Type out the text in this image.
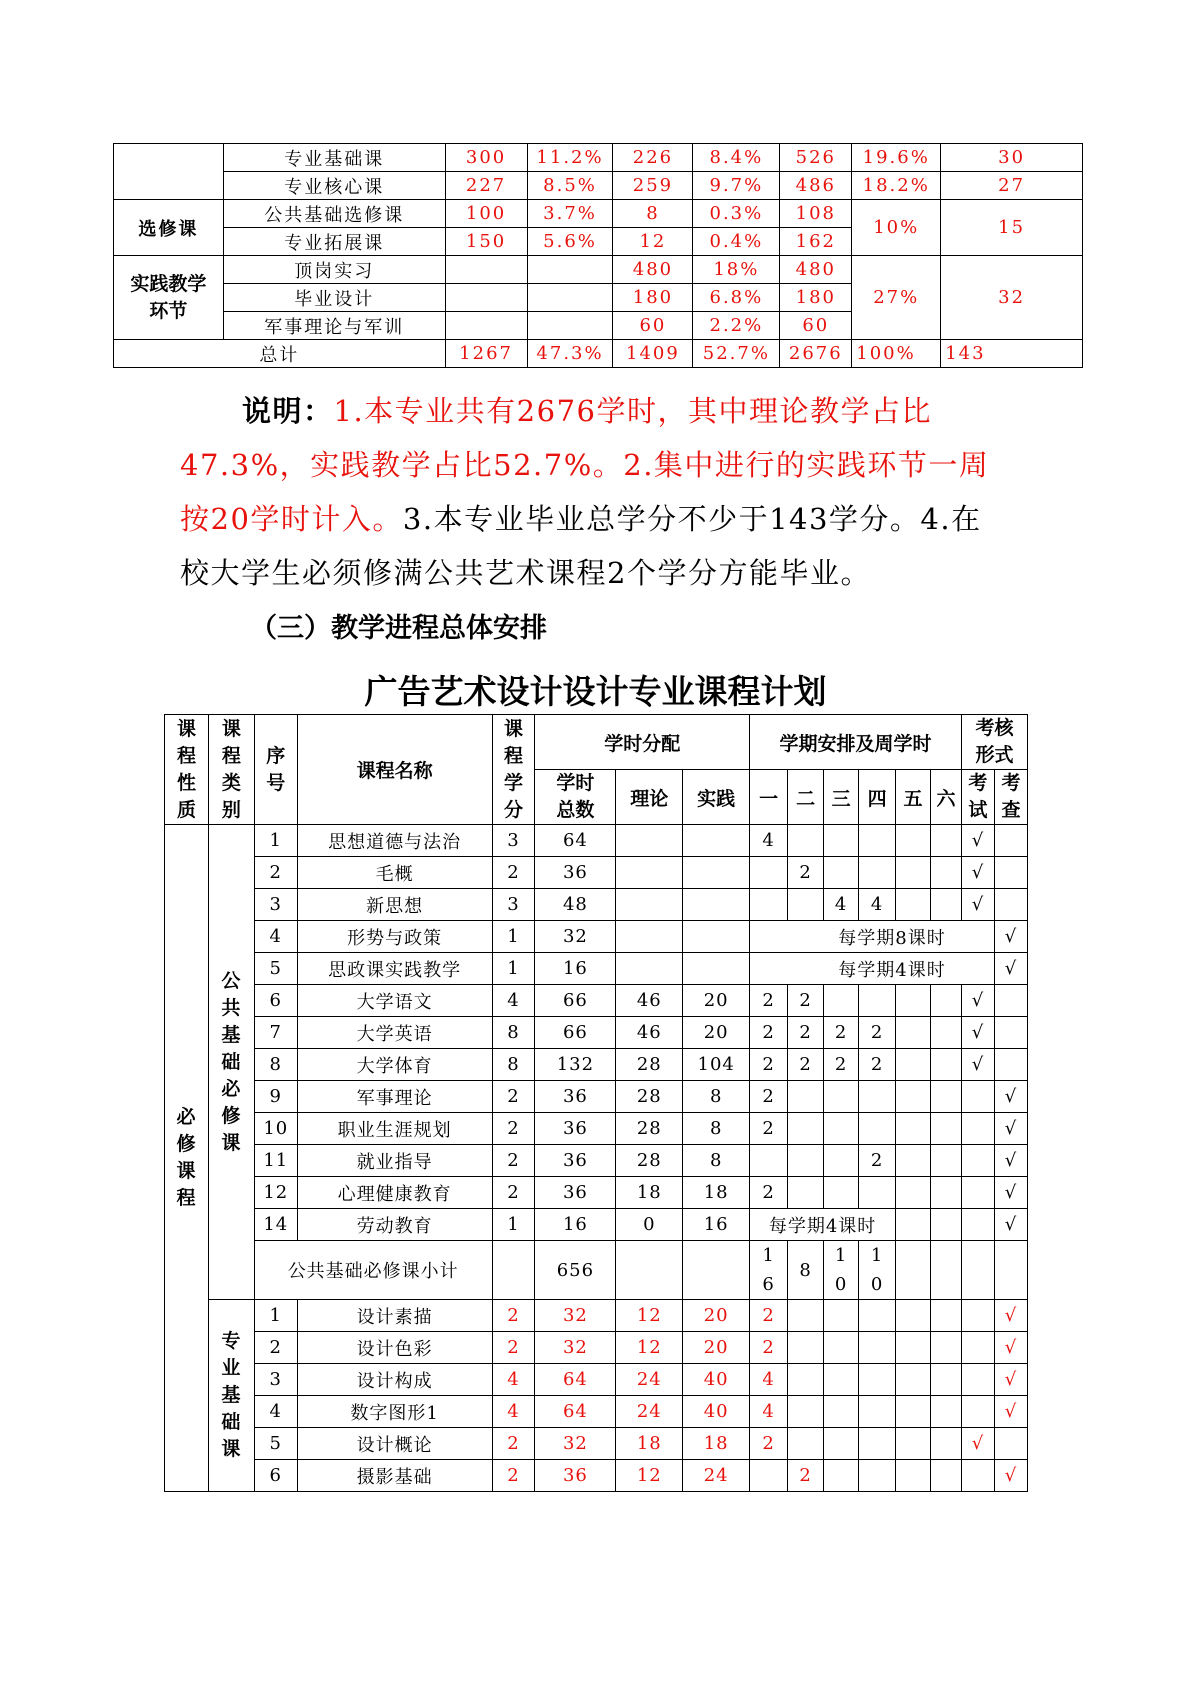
	专业基础课	300	11.2%	226	8.4%	526	19.6%	30
	专业核心课	227	8.5%	259	9.7%	486	18.2%	27
选修课	公共基础选修课	100	3.7%	8	0.3%	108	10%	15
	专业拓展课	150	5.6%	12	0.4%	162		
实践教学环节	顶岗实习			480	18%	480	27%	32
	毕业设计			180	6.8%	180		
	军事理论与军训			60	2.2%	60		
总计		1267	47.3%	1409	52.7%	2676	100%	143
说明：1.本专业共有2676学时，其中理论教学占比47.3%，实践教学占比52.7%。2.集中进行的实践环节一周按20学时计入。3.本专业毕业总学分不少于143学分。4.在校大学生必须修满公共艺术课程2个学分方能毕业。
（三）教学进程总体安排
广告艺术设计设计专业课程计划
课程性质	课程类别	序号	课程名称	课程学分	学时分配			学期安排及周学时						考核形式	
					学时总数	理论	实践	一	二	三	四	五	六	考试	考查
必修课程	公共基础必修课	1	思想道德与法治	3	64			4						√	
		2	毛概	2	36				2					√	
		3	新思想	3	48					4	4			√	
		4	形势与政策	1	32			每学期8课时							√
		5	思政课实践教学	1	16			每学期4课时							√
		6	大学语文	4	66	46	20	2	2					√	
		7	大学英语	8	66	46	20	2	2	2	2			√	
		8	大学体育	8	132	28	104	2	2	2	2			√	
		9	军事理论	2	36	28	8	2							√
		10	职业生涯规划	2	36	28	8	2							√
		11	就业指导	2	36	28	8				2				√
		12	心理健康教育	2	36	18	18	2							√
		14	劳动教育	1	16	0	16	每学期4课时							√
		公共基础必修课小计			656			16	8	10	10				
	专业基础课	1	设计素描	2	32	12	20	2							√
		2	设计色彩	2	32	12	20	2							√
		3	设计构成	4	64	24	40	4							√
		4	数字图形1	4	64	24	40	4							√
		5	设计概论	2	32	18	18	2						√	
		6	摄影基础	2	36	12	24		2						√
